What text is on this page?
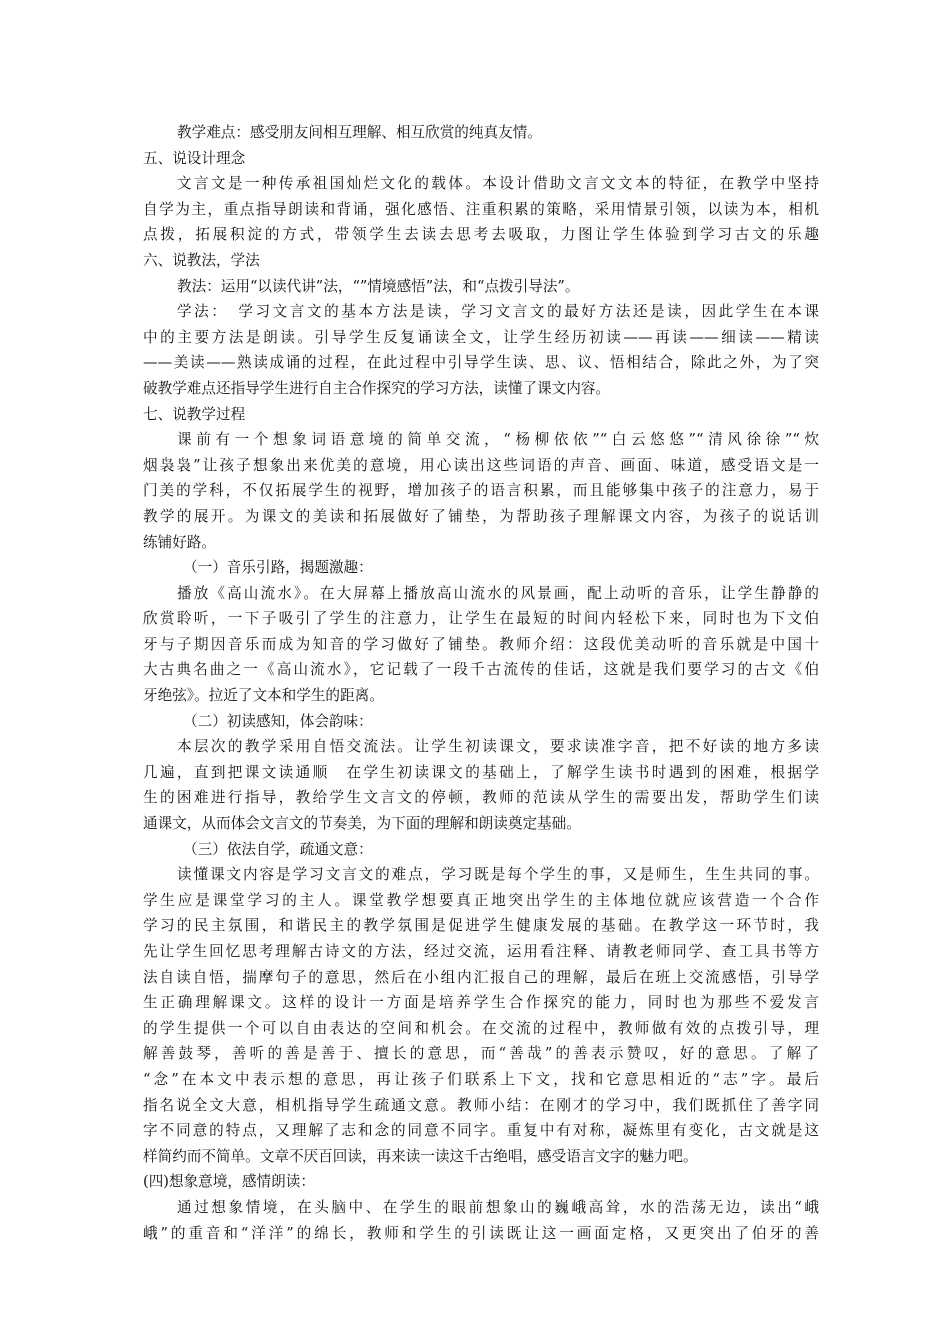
教学难点：感受朋友间相互理解、相互欣赏的纯真友情。
五、说设计理念
文言文是一种传承祖国灿烂文化的载体。本设计借助文言文文本的特征，在教学中坚持
自学为主，重点指导朗读和背诵，强化感悟、注重积累的策略，采用情景引领，以读为本，相机
点拨，拓展积淀的方式，带领学生去读去思考去吸取，力图让学生体验到学习古文的乐趣
六、说教法，学法
教法：运用“以读代讲”法，“”情境感悟”法，和“点拨引导法”。
学法：　学习文言文的基本方法是读，学习文言文的最好方法还是读，因此学生在本课
中的主要方法是朗读。引导学生反复诵读全文，让学生经历初读——再读——细读——精读
——美读——熟读成诵的过程，在此过程中引导学生读、思、议、悟相结合，除此之外，为了突
破教学难点还指导学生进行自主合作探究的学习方法，读懂了课文内容。
七、说教学过程
课前有一个想象词语意境的简单交流，“杨柳依依”“白云悠悠”“清风徐徐”“炊
烟袅袅”让孩子想象出来优美的意境，用心读出这些词语的声音、画面、味道，感受语文是一
门美的学科，不仅拓展学生的视野，增加孩子的语言积累，而且能够集中孩子的注意力，易于
教学的展开。为课文的美读和拓展做好了铺垫，为帮助孩子理解课文内容，为孩子的说话训
练铺好路。
（一）音乐引路，揭题激趣：
播放《高山流水》。在大屏幕上播放高山流水的风景画，配上动听的音乐，让学生静静的
欣赏聆听，一下子吸引了学生的注意力，让学生在最短的时间内轻松下来，同时也为下文伯
牙与子期因音乐而成为知音的学习做好了铺垫。教师介绍：这段优美动听的音乐就是中国十
大古典名曲之一《高山流水》，它记载了一段千古流传的佳话，这就是我们要学习的古文《伯
牙绝弦》。拉近了文本和学生的距离。
（二）初读感知，体会韵味：
本层次的教学采用自悟交流法。让学生初读课文，要求读准字音，把不好读的地方多读
几遍，直到把课文读通顺　在学生初读课文的基础上，了解学生读书时遇到的困难，根据学
生的困难进行指导，教给学生文言文的停顿，教师的范读从学生的需要出发，帮助学生们读
通课文，从而体会文言文的节奏美，为下面的理解和朗读奠定基础。
（三）依法自学，疏通文意：
读懂课文内容是学习文言文的难点，学习既是每个学生的事，又是师生，生生共同的事。
学生应是课堂学习的主人。课堂教学想要真正地突出学生的主体地位就应该营造一个合作
学习的民主氛围，和谐民主的教学氛围是促进学生健康发展的基础。在教学这一环节时，我
先让学生回忆思考理解古诗文的方法，经过交流，运用看注释、请教老师同学、查工具书等方
法自读自悟，揣摩句子的意思，然后在小组内汇报自己的理解，最后在班上交流感悟，引导学
生正确理解课文。这样的设计一方面是培养学生合作探究的能力，同时也为那些不爱发言
的学生提供一个可以自由表达的空间和机会。在交流的过程中，教师做有效的点拨引导，理
解善鼓琴，善听的善是善于、擅长的意思，而“善哉”的善表示赞叹，好的意思。了解了
“念”在本文中表示想的意思，再让孩子们联系上下文，找和它意思相近的“志”字。最后
指名说全文大意，相机指导学生疏通文意。教师小结：在刚才的学习中，我们既抓住了善字同
字不同意的特点，又理解了志和念的同意不同字。重复中有对称，凝炼里有变化，古文就是这
样简约而不简单。文章不厌百回读，再来读一读这千古绝唱，感受语言文字的魅力吧。
(四)想象意境，感情朗读：
通过想象情境，在头脑中、在学生的眼前想象山的巍峨高耸，水的浩荡无边，读出“峨
峨”的重音和“洋洋”的绵长，教师和学生的引读既让这一画面定格，又更突出了伯牙的善
